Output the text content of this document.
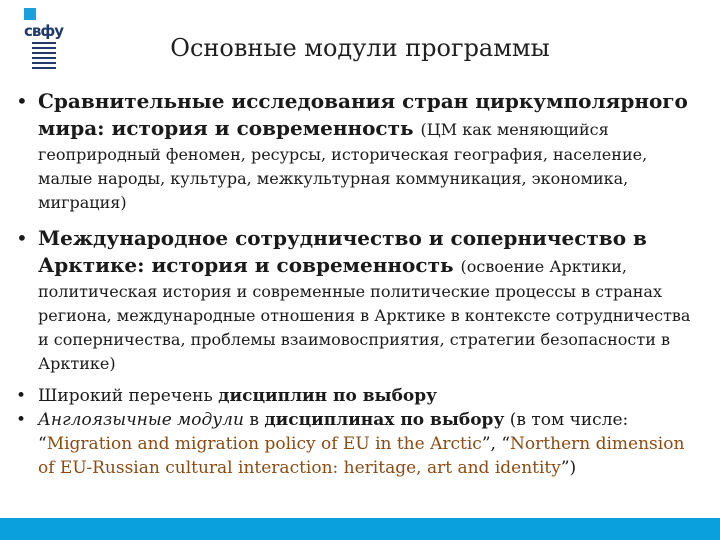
cвфу
Основные модули программы
• Сравнительные исследования стран циркумполярного мира: история и современность (ЦМ как меняющийся
геоприродный феномен, ресурсы, историческая география, население, малые народы, культура, межкультурная коммуникация, экономика, миграция)
• Международное сотрудничество и соперничество в Арктике: история и современность (освоение Арктики,
политическая история и современные политические процессы в странах региона, международные отношения в Арктике в контексте сотрудничества и соперничества, проблемы взаимовосприятия, стратегии безопасности в Арктике)
• Широкий перечень дисциплин по выбору
• Англоязычные модули в дисциплинах по выбору (в том числе:
“Migration and migration policy of EU in the Arctic”, “Northern dimension of EU-Russian cultural interaction: heritage, art and identity”)
